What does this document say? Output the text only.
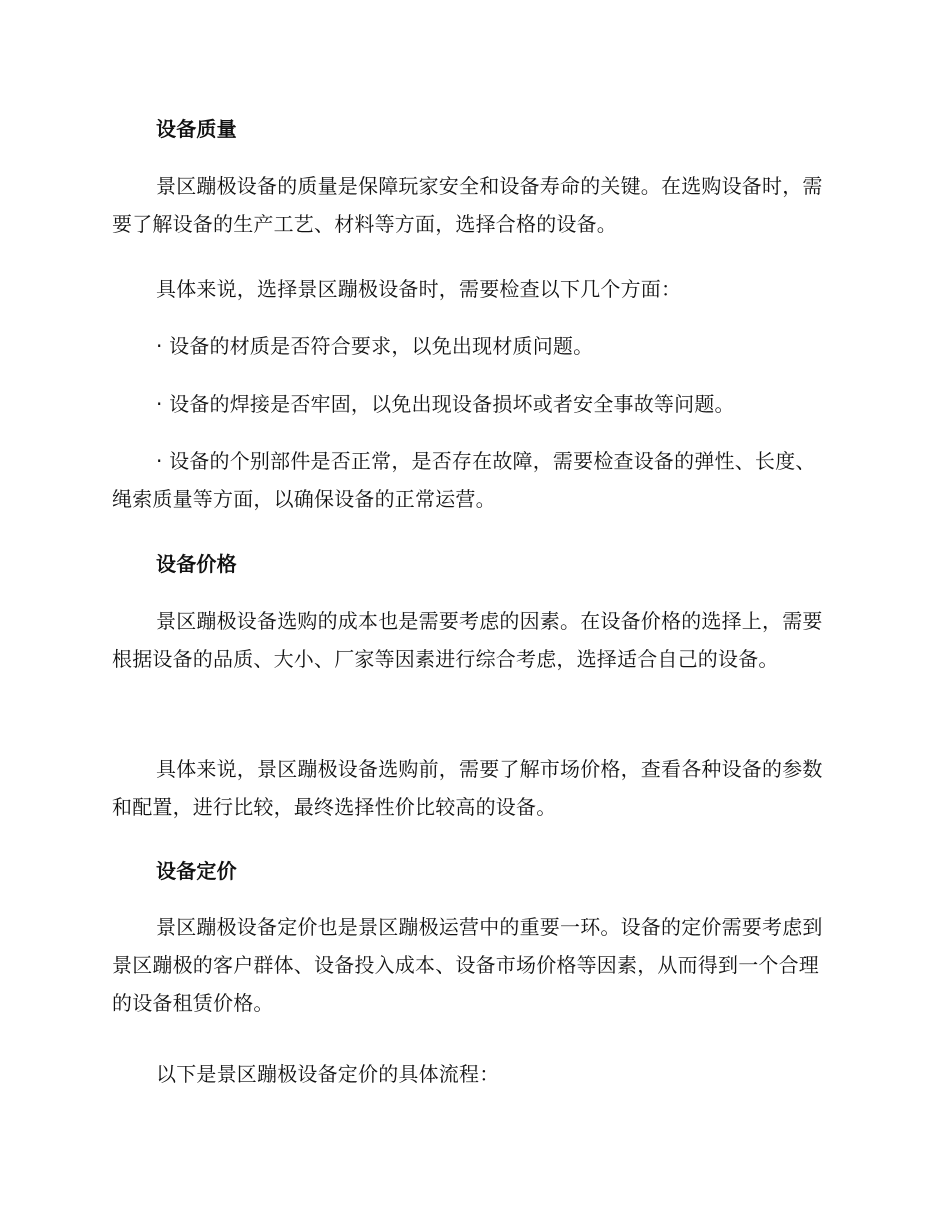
设备质量

景区蹦极设备的质量是保障玩家安全和设备寿命的关键。在选购设备时，需要了解设备的生产工艺、材料等方面，选择合格的设备。

具体来说，选择景区蹦极设备时，需要检查以下几个方面：

· 设备的材质是否符合要求，以免出现材质问题。

· 设备的焊接是否牢固，以免出现设备损坏或者安全事故等问题。

· 设备的个别部件是否正常，是否存在故障，需要检查设备的弹性、长度、绳索质量等方面，以确保设备的正常运营。

设备价格

景区蹦极设备选购的成本也是需要考虑的因素。在设备价格的选择上，需要根据设备的品质、大小、厂家等因素进行综合考虑，选择适合自己的设备。

具体来说，景区蹦极设备选购前，需要了解市场价格，查看各种设备的参数和配置，进行比较，最终选择性价比较高的设备。

设备定价

景区蹦极设备定价也是景区蹦极运营中的重要一环。设备的定价需要考虑到景区蹦极的客户群体、设备投入成本、设备市场价格等因素，从而得到一个合理的设备租赁价格。

以下是景区蹦极设备定价的具体流程：
